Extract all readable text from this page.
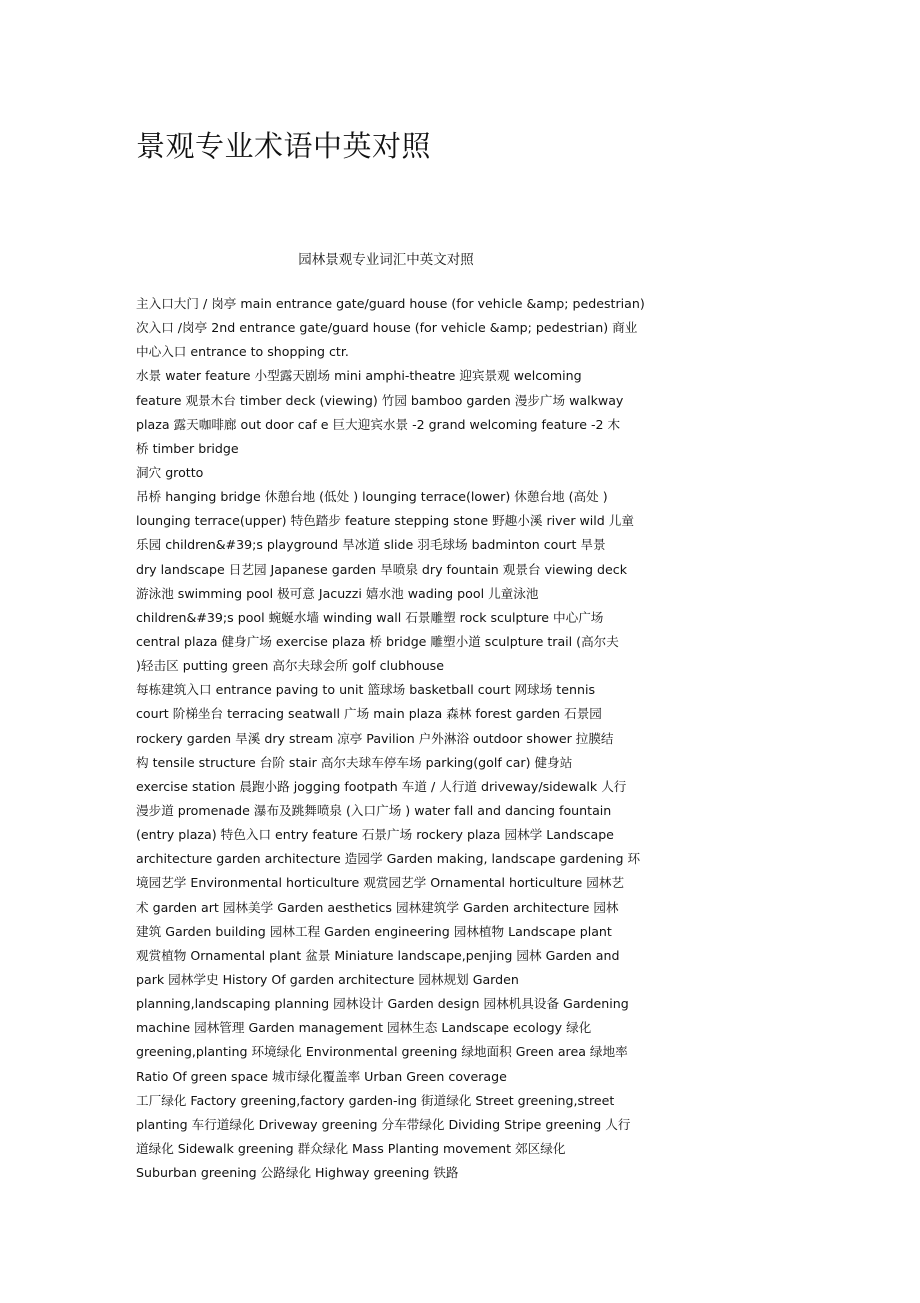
景观专业术语中英对照

园林景观专业词汇中英文对照

主入口大门 / 岗亭 main entrance gate/guard house (for vehicle &amp; pedestrian)
次入口 /岗亭 2nd entrance gate/guard house (for vehicle &amp; pedestrian) 商业
中心入口 entrance to shopping ctr.
水景 water feature 小型露天剧场 mini amphi-theatre 迎宾景观 welcoming
feature 观景木台 timber deck (viewing) 竹园 bamboo garden 漫步广场 walkway
plaza 露天咖啡廊 out door caf e 巨大迎宾水景 -2 grand welcoming feature -2 木
桥 timber bridge
洞穴 grotto
吊桥 hanging bridge 休憩台地 (低处 ) lounging terrace(lower) 休憩台地 (高处 )
lounging terrace(upper) 特色踏步 feature stepping stone 野趣小溪 river wild 儿童
乐园 children&#39;s playground 旱冰道 slide 羽毛球场 badminton court 旱景
dry landscape 日艺园 Japanese garden 旱喷泉 dry fountain 观景台 viewing deck
游泳池 swimming pool 极可意 Jacuzzi 嬉水池 wading pool 儿童泳池
children&#39;s pool 蜿蜒水墙 winding wall 石景雕塑 rock sculpture 中心广场
central plaza 健身广场 exercise plaza 桥 bridge 雕塑小道 sculpture trail (高尔夫
)轻击区 putting green 高尔夫球会所 golf clubhouse
每栋建筑入口 entrance paving to unit 篮球场 basketball court 网球场 tennis
court 阶梯坐台 terracing seatwall 广场 main plaza 森林 forest garden 石景园
rockery garden 旱溪 dry stream 凉亭 Pavilion 户外淋浴 outdoor shower 拉膜结
构 tensile structure 台阶 stair 高尔夫球车停车场 parking(golf car) 健身站
exercise station 晨跑小路 jogging footpath 车道 / 人行道 driveway/sidewalk 人行
漫步道 promenade 瀑布及跳舞喷泉 (入口广场 ) water fall and dancing fountain
(entry plaza) 特色入口 entry feature 石景广场 rockery plaza 园林学 Landscape
architecture garden architecture 造园学 Garden making, landscape gardening 环
境园艺学 Environmental horticulture 观赏园艺学 Ornamental horticulture 园林艺
术 garden art 园林美学 Garden aesthetics 园林建筑学 Garden architecture 园林
建筑 Garden building 园林工程 Garden engineering 园林植物 Landscape plant
观赏植物 Ornamental plant 盆景 Miniature landscape,penjing 园林 Garden and
park 园林学史 History Of garden architecture 园林规划 Garden
planning,landscaping planning 园林设计 Garden design 园林机具设备 Gardening
machine 园林管理 Garden management 园林生态 Landscape ecology 绿化
greening,planting 环境绿化 Environmental greening 绿地面积 Green area 绿地率
Ratio Of green space 城市绿化覆盖率 Urban Green coverage
工厂绿化 Factory greening,factory garden-ing 街道绿化 Street greening,street
planting 车行道绿化 Driveway greening 分车带绿化 Dividing Stripe greening 人行
道绿化 Sidewalk greening 群众绿化 Mass Planting movement 郊区绿化
Suburban greening 公路绿化 Highway greening 铁路
